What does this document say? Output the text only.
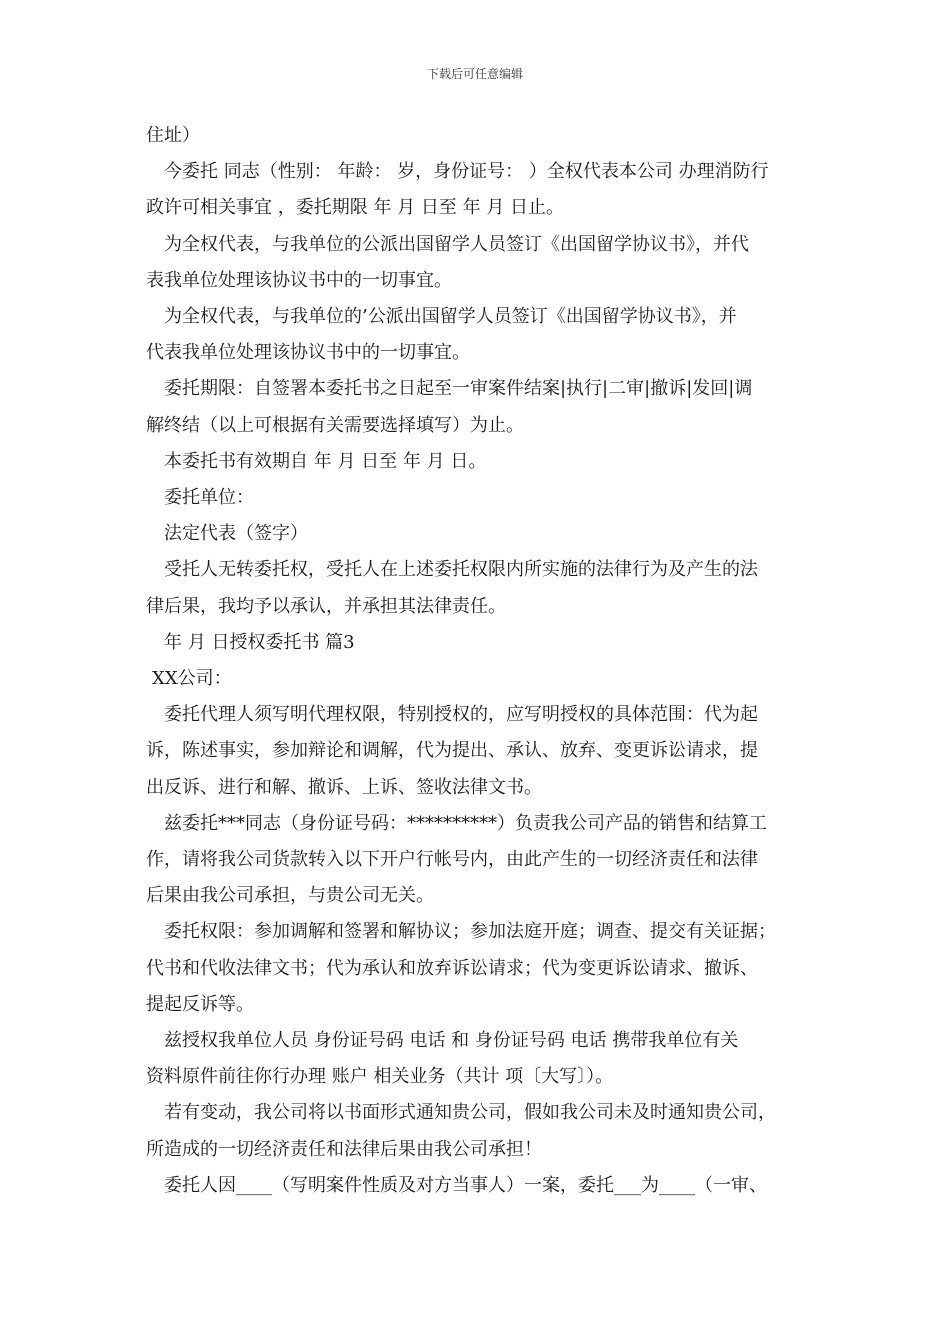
下载后可任意编辑

住址）

今委托 同志（性别： 年龄： 岁，身份证号： ）全权代表本公司 办理消防行

政许可相关事宜 ，委托期限 年 月 日至 年 月 日止。

为全权代表，与我单位的公派出国留学人员签订《出国留学协议书》，并代

表我单位处理该协议书中的一切事宜。

为全权代表，与我单位的’公派出国留学人员签订《出国留学协议书》，并

代表我单位处理该协议书中的一切事宜。

委托期限：自签署本委托书之日起至一审案件结案|执行|二审|撤诉|发回|调

解终结（以上可根据有关需要选择填写）为止。

本委托书有效期自 年 月 日至 年 月 日。

委托单位：

法定代表（签字）

受托人无转委托权，受托人在上述委托权限内所实施的法律行为及产生的法

律后果，我均予以承认，并承担其法律责任。

年 月 日授权委托书 篇3

XX公司：

委托代理人须写明代理权限，特别授权的，应写明授权的具体范围：代为起

诉，陈述事实，参加辩论和调解，代为提出、承认、放弃、变更诉讼请求，提

出反诉、进行和解、撤诉、上诉、签收法律文书。

兹委托***同志（身份证号码：**********）负责我公司产品的销售和结算工

作，请将我公司货款转入以下开户行帐号内，由此产生的一切经济责任和法律

后果由我公司承担，与贵公司无关。

委托权限：参加调解和签署和解协议；参加法庭开庭；调查、提交有关证据；

代书和代收法律文书；代为承认和放弃诉讼请求；代为变更诉讼请求、撤诉、

提起反诉等。

兹授权我单位人员 身份证号码 电话 和 身份证号码 电话 携带我单位有关

资料原件前往你行办理 账户 相关业务（共计 项〔大写〕）。

若有变动，我公司将以书面形式通知贵公司，假如我公司未及时通知贵公司，

所造成的一切经济责任和法律后果由我公司承担！

委托人因____（写明案件性质及对方当事人）一案，委托___为____（一审、
